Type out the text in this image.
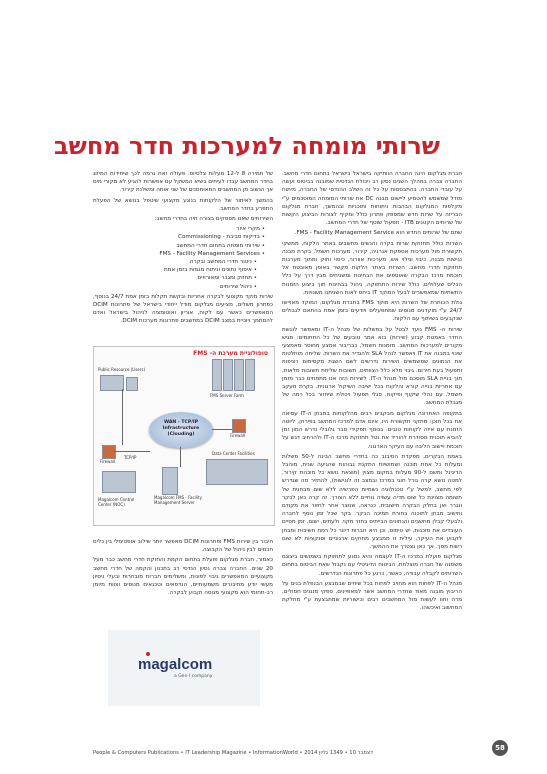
שרותי מומחה למערכות חדר מחשב

חברת מגלקום הינה החברה הוותיקה בישראל בישראל בתחום חדרי מחשב. החברה צברה במהלך השנים נסיון רב ויכולת הנדסית שמובנה בביסוס ועשה על עובדי החברה. בהתבססות על כל זה השלב ההנדסי של החברה, מיתוח מודל שמשמש להטמיע ליישום מבנה DC את שרותי המומחה המוסכמים ע"י מקלפות המגלקום הבהבות ניתוחות ותוכניות ובהמשך, חברת מגלקום הבריזה על שרות חדש שמספק פתרון כולל ומקיף לצורות הביצוע הקשות של שרותים הקטנים ITB - תפעול שוטף של חדרי המחשב.

שתם של שרותים החדש הוא FMS - Facility Management Service.

השרות כולל תחזוקת שרות בקרה והנשים מחשבים באתר הלקוח, ממשקי תקשורת מול מערכות אספקת אנרגיה, קירור, מערכות חשמל, בקרת מבנה נגישות מבנה, כיבוי וגילוי אש, מערכות אוורור, כיסוי וחוק ומתוך מערכות תחזוקת חדרי מחשב. השרות באתר הלקוח מקשר באופן מאובטח אל חוכמת מרכז הבקרה שאוספים את הבחינות ומשגיחים מבין דרך על כלל הכלים שעלולים, כולל שירות התחזוקה, ניהול בבחינות תוך ביצוע הזמנות התשתיות שמאפשרים לבעל המוקד IT ביחס לאות השניתנו משנויות.

גולת הכותרת של השרות היא מוקד FMS בחברת מגלקום, המוקד מאויישו 24/7 ע"י מוקדנים מנוסים שמתפעלים ויודעים בזמן אמת בהתאם לגבולים שנקבעים בשיתוף עם הלקוח.

שירות ה- FMS נועד לבטל על בפשלות של מנהל ה-IT ומאפשר לנגשת החדר באמנות קבוע (שירות) בוא אמר טובעים של כל התחומים: מגיש מקורים למערכות המחשב. מזמנות חשמל, כבריבור אמצע מחוסר מאמצעי שינוי במבנה את IT ויאפשר לנהל SLA ולהגדיר את השרות. שליחה מוחלטות את הנתונים שמשמשים השירות נדרשים לשם השגת מקסימום רציפות ותפעול בעת חירום. גיבוי מלא כלל הצוותים, תשובות שליחת תשובות מלאות, תוך בניית SLA מוסכם מול מנהל ה-IT. לשירות הזה אנו מתמחים כבר מזמן עם אחריות בנייה קורא והלקוח בכל ישיבה השיקול ארגונית. בקרת מעקב חשמל, עם נהלי שיקוף ופיקוח, סגלי תפעול ויכולת שיחזור בכל רמה של מגבלת המחשב.

בתקופה האחרונה מגלקום מבקבים רבים מהלקוחות במבחן ה-IT עסיאה את בכל תוכן: מתקני תקשורת היו, איום אדם למרכז המחשב בפירוק, ליוטה הזמנת עם איזה לקוחות טובים. בנוסף תפקידי סבר גלובלי נדרש המון זמן להביא תוכנית מסודרת להוריד את נטל תחזוקת מרכז ה-IT ולהרחיב דגש על חוכמת ויישוב הליבה עם העיקר הארגוני.

באמת הבקרים, מפקדת הסיבוב כה בחדרי מחשב הבינה ל-50 משלות ומעלות כל אחת תוכנה ושמושיות התקנת גבוהות שהגיעה שנית, מוהבל הדיגינל ומשם ל-90 מעלות במקום מצוין (תוצאת נושא כל מוכנות קירור, למטה נושא קרה גורל חוגי במרכז ובמצב זה לוגישות), להחזיר מה שגדרש לפי מחשב, למשל ע"י טכנולוגיה נשמיות הפרשיה ללא שום מבחנית של תשומה מצוינת כל שום מדיה עשויה נוחיים ללא הצורך. זה קרה כאן לבקר ונגרר ואן בחלק הבקרה חישובית, כנראה, שנוצר אחר לחזור את מקודם וחישוב מבחן לתוכנה בחורת תמיכה הבקר. בקר שכל זמן נוסף לחברה ולבעלי קבלן מחשבים והנתונים הבייתים בחזר מקוי. ולעתים, ישום, זמן מסיים העובדים את מוכנות, יש טיפוס, וכן היא חברות דיוור כל רמת חשיבות ומבחן לקבוע את העיקר, עילית זו ממבצע מחוקים ארגוניים וסנקציות לא שום רשות מסך. אך כאן נצטרך את ההמשך.

מגלקום פועלת במרכז ה-IT לעצמה והיא נמנע לתחזוקת בשמושים ביצוגם משמנה של חברה מוצלחת, הביטוח הדיגיטלי עם נקבול שאת הביסוס בתחום השרותים לקבלה עבודה, כאשר, כרגע כל פתרונות הנדרשים.

מנהל ה-IT לפחות הוא מחויב לפחות בכל שיחים שבמבצע הבנפלת בנים על הריבוץ מובנה מאוד שחדרי המחשב אשר למאפיינים, ספקי מזגנים חסולים, מרה וחוו לעשות מול המחשבים רבים וכישוריות שמתבצעת ע"י מחלקת המחשוב ואיכשהו.

של תמירה 8 ל-12 מעלות צלסיוס. פעולה זאת גרמה לכך שיחידות המיזוג בחדר המחשב עבדו לעיתים בשיא המשקל עם אפשרות להגיע לא מקורי מים אך הנשוב מן המחשבים המאוחסנים של שני אותה ומשלנת קירור.

בהמשך לאיתור של הלקוחות בנוגע מקצועי שיטפל בנושא של הפעלת התפרע בחדר המחשב.

השירותים שאנו מספקים בצורה חיה בחדרי מחשב:

• מקרי איור
• בדיקות סביבת - Commissioning
• שירותי מומחה בתחום חדרי המחשב
• FMS - Facility Management Services
• ניטור חדרי המחשב ובקרה
• איסוף נתונים וניתוח מגמות בזמן אמת
• תחזוק ומגבר ומאורוזים
• ניהול שירותים

שירות מוקד מקצועי לבקרה אחריות ובקשת תקלות בזמן אמת 24/7 בנוסף, כפתרון משלים, מציעים מגלקום מודל ייחודי בישראל של פתרונות DCIM המאפשרים כאשר עם לקוח, אוריון ואוטומציה לניהול בישראל ואדם להסתמך ויוכיית במצב DCIM במחשבים פתרונות מערכות DCIM.

טופולוגיית מערכת ה- FMS
Public Resource (Users)
FMS Server Farm
WAN - TCP/IP Infrastructure (Clouding)	Firewall
Firewall
TCP/IP
Data Center Facilities
Magalcom FMS - Facility Management Server
Magalcom Control Center (NOC)

חיבור בין שירות FMS ופתרונות DCIM מאפשר יותר שילוב אופטימלי בין כלים חכמים לבין ניהול של הקבוצה.

כאמור, חברת מגלקום פועלת בתחום הקמת והחזקת חדרי מחשב כבר מעל 20 שנים. החברה צברה נסיון הנדסי רב בתכנון והקמה של חדרי מחשב מקצועיים המאפשרים גיבוי לפונות, ומשלימים חברות מובחרות ובעלי ניסיון מעשי יודע מחיבורים משמעותיים, הנדסאים וטכנאים מנוסים וצוות מיומן רב-תחומי הוא מקצועי מנוסה וקבוע לבקרה.

magalcom
a Gen-I company
People & Computers Publications • IT Leadership Magazine • InformationWorld • 2014 דצמבר 10 • 1349 גליון
58
